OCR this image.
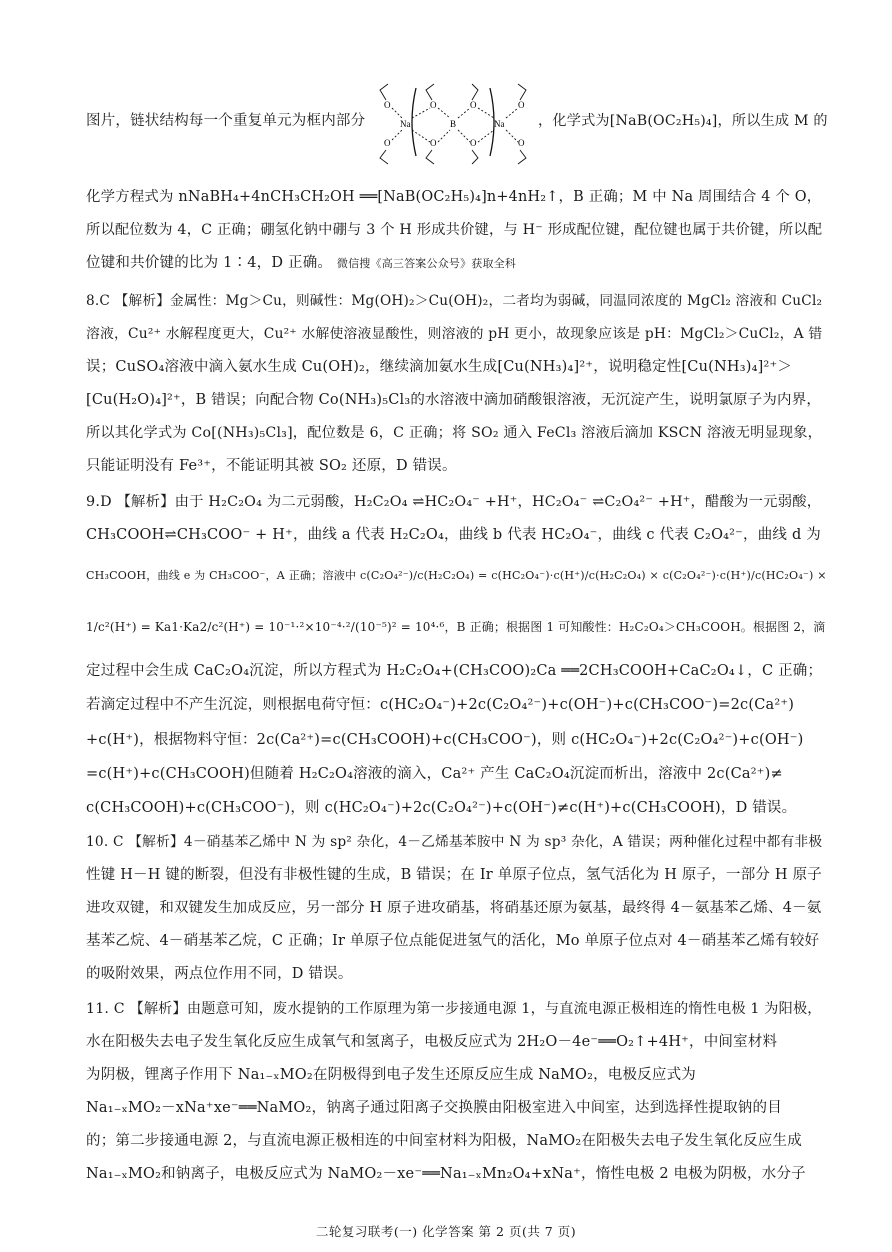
图片，链状结构每一个重复单元为框内部分	Na	B	Na
O
O
O
O
O
O
O
O
，化学式为[NaB(OC₂H₅)₄]，所以生成 M 的
化学方程式为 nNaBH₄+4nCH₃CH₂OH ══[NaB(OC₂H₅)₄]n+4nH₂↑，B 正确；M 中 Na 周围结合 4 个 O，
所以配位数为 4，C 正确；硼氢化钠中硼与 3 个 H 形成共价键，与 H⁻ 形成配位键，配位键也属于共价键，所以配
位键和共价键的比为 1∶4，D 正确。 微信搜《高三答案公众号》获取全科
8.C 【解析】金属性：Mg＞Cu，则碱性：Mg(OH)₂＞Cu(OH)₂，二者均为弱碱，同温同浓度的 MgCl₂ 溶液和 CuCl₂
溶液，Cu²⁺ 水解程度更大，Cu²⁺ 水解使溶液显酸性，则溶液的 pH 更小，故现象应该是 pH：MgCl₂＞CuCl₂，A 错
误；CuSO₄溶液中滴入氨水生成 Cu(OH)₂，继续滴加氨水生成[Cu(NH₃)₄]²⁺，说明稳定性[Cu(NH₃)₄]²⁺＞
[Cu(H₂O)₄]²⁺，B 错误；向配合物 Co(NH₃)₅Cl₃的水溶液中滴加硝酸银溶液，无沉淀产生，说明氯原子为内界，
所以其化学式为 Co[(NH₃)₅Cl₃]，配位数是 6，C 正确；将 SO₂ 通入 FeCl₃ 溶液后滴加 KSCN 溶液无明显现象，
只能证明没有 Fe³⁺，不能证明其被 SO₂ 还原，D 错误。
9.D 【解析】由于 H₂C₂O₄ 为二元弱酸，H₂C₂O₄ ⇌HC₂O₄⁻ +H⁺，HC₂O₄⁻ ⇌C₂O₄²⁻ +H⁺，醋酸为一元弱酸，
CH₃COOH⇌CH₃COO⁻ + H⁺，曲线 a 代表 H₂C₂O₄，曲线 b 代表 HC₂O₄⁻，曲线 c 代表 C₂O₄²⁻，曲线 d 为
CH₃COOH，曲线 e 为 CH₃COO⁻，A 正确；溶液中 c(C₂O₄²⁻)/c(H₂C₂O₄) = c(HC₂O₄⁻)·c(H⁺)/c(H₂C₂O₄) × c(C₂O₄²⁻)·c(H⁺)/c(HC₂O₄⁻) ×
1/c²(H⁺) = Ka1·Ka2/c²(H⁺) = 10⁻¹·²×10⁻⁴·²/(10⁻⁵)² = 10⁴·⁶，B 正确；根据图 1 可知酸性：H₂C₂O₄＞CH₃COOH。根据图 2，滴
定过程中会生成 CaC₂O₄沉淀，所以方程式为 H₂C₂O₄+(CH₃COO)₂Ca ══2CH₃COOH+CaC₂O₄↓，C 正确；
若滴定过程中不产生沉淀，则根据电荷守恒：c(HC₂O₄⁻)+2c(C₂O₄²⁻)+c(OH⁻)+c(CH₃COO⁻)=2c(Ca²⁺)
+c(H⁺)，根据物料守恒：2c(Ca²⁺)=c(CH₃COOH)+c(CH₃COO⁻)，则 c(HC₂O₄⁻)+2c(C₂O₄²⁻)+c(OH⁻)
=c(H⁺)+c(CH₃COOH)但随着 H₂C₂O₄溶液的滴入，Ca²⁺ 产生 CaC₂O₄沉淀而析出，溶液中 2c(Ca²⁺)≠
c(CH₃COOH)+c(CH₃COO⁻)，则 c(HC₂O₄⁻)+2c(C₂O₄²⁻)+c(OH⁻)≠c(H⁺)+c(CH₃COOH)，D 错误。
10. C 【解析】4－硝基苯乙烯中 N 为 sp² 杂化，4－乙烯基苯胺中 N 为 sp³ 杂化，A 错误；两种催化过程中都有非极
性键 H－H 键的断裂，但没有非极性键的生成，B 错误；在 Ir 单原子位点，氢气活化为 H 原子，一部分 H 原子
进攻双键，和双键发生加成反应，另一部分 H 原子进攻硝基，将硝基还原为氨基，最终得 4－氨基苯乙烯、4－氨
基苯乙烷、4－硝基苯乙烷，C 正确；Ir 单原子位点能促进氢气的活化，Mo 单原子位点对 4－硝基苯乙烯有较好
的吸附效果，两点位作用不同，D 错误。
11. C 【解析】由题意可知，废水提钠的工作原理为第一步接通电源 1，与直流电源正极相连的惰性电极 1 为阳极，
水在阳极失去电子发生氧化反应生成氧气和氢离子，电极反应式为 2H₂O－4e⁻══O₂↑+4H⁺，中间室材料
为阴极，锂离子作用下 Na₁₋ₓMO₂在阴极得到电子发生还原反应生成 NaMO₂，电极反应式为
Na₁₋ₓMO₂－xNa⁺xe⁻══NaMO₂，钠离子通过阳离子交换膜由阳极室进入中间室，达到选择性提取钠的目
的；第二步接通电源 2，与直流电源正极相连的中间室材料为阳极，NaMO₂在阳极失去电子发生氧化反应生成
Na₁₋ₓMO₂和钠离子，电极反应式为 NaMO₂－xe⁻══Na₁₋ₓMn₂O₄+xNa⁺，惰性电极 2 电极为阴极，水分子
二轮复习联考(一) 化学答案 第 2 页(共 7 页)
